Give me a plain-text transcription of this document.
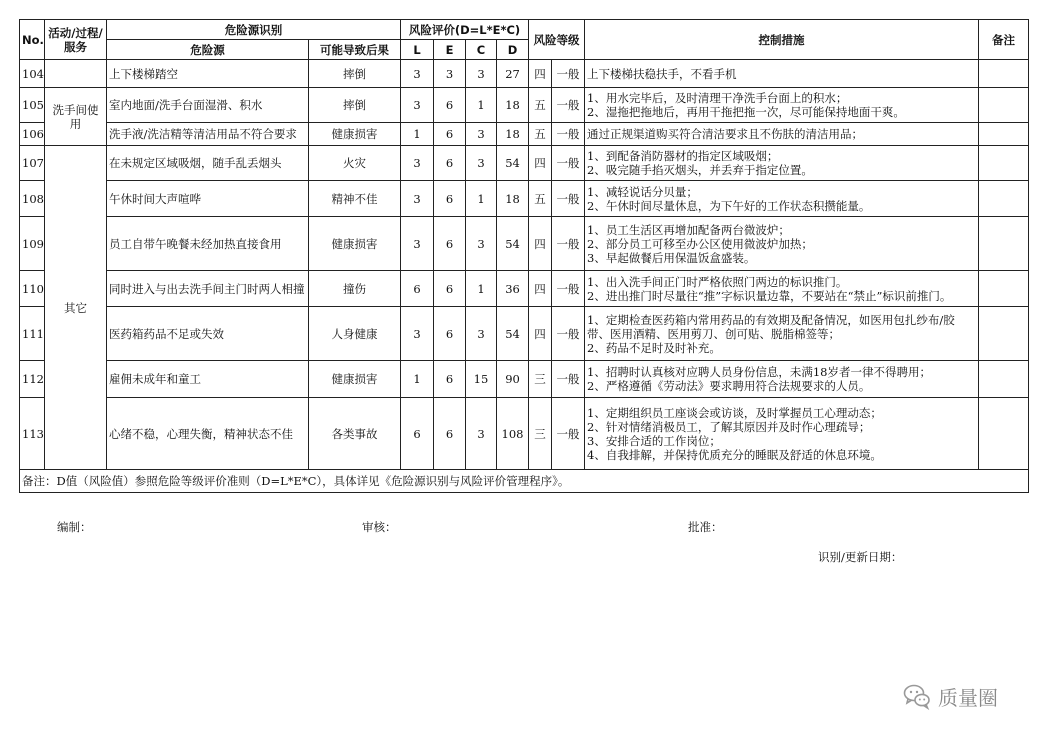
No.	活动/过程/服务	危险源识别		风险评价(D=L*E*C)				风险等级		控制措施	备注
		危险源	可能导致后果	L	E	C	D				
104		上下楼梯踏空	摔倒	3	3	3	27	四	一般	上下楼梯扶稳扶手，不看手机	
105	洗手间使用	室内地面/洗手台面湿滑、积水	摔倒	3	6	1	18	五	一般	1、用水完毕后，及时清理干净洗手台面上的积水；
2、湿拖把拖地后，再用干拖把拖一次，尽可能保持地面干爽。	
106		洗手液/洗洁精等清洁用品不符合要求	健康损害	1	6	3	18	五	一般	通过正规渠道购买符合清洁要求且不伤肤的清洁用品；	
107	其它	在未规定区域吸烟，随手乱丢烟头	火灾	3	6	3	54	四	一般	1、到配备消防器材的指定区域吸烟；
2、吸完随手掐灭烟头，并丢弃于指定位置。	
108		午休时间大声喧哗	精神不佳	3	6	1	18	五	一般	1、减轻说话分贝量；
2、午休时间尽量休息，为下午好的工作状态积攒能量。	
109		员工自带午晚餐未经加热直接食用	健康损害	3	6	3	54	四	一般	1、员工生活区再增加配备两台微波炉；
2、部分员工可移至办公区使用微波炉加热；
3、早起做餐后用保温饭盒盛装。	
110		同时进入与出去洗手间主门时两人相撞	撞伤	6	6	1	36	四	一般	1、出入洗手间正门时严格依照门两边的标识推门。
2、进出推门时尽量往“推”字标识量边靠，不要站在“禁止”标识前推门。	
111		医药箱药品不足或失效	人身健康	3	6	3	54	四	一般	1、定期检查医药箱内常用药品的有效期及配备情况，如医用包扎纱布/胶带、医用酒精、医用剪刀、创可贴、脱脂棉签等；
2、药品不足时及时补充。	
112		雇佣未成年和童工	健康损害	1	6	15	90	三	一般	1、招聘时认真核对应聘人员身份信息，未满18岁者一律不得聘用；
2、严格遵循《劳动法》要求聘用符合法规要求的人员。	
113		心绪不稳，心理失衡，精神状态不佳	各类事故	6	6	3	108	三	一般	1、定期组织员工座谈会或访谈，及时掌握员工心理动态；
2、针对情绪消极员工，了解其原因并及时作心理疏导；
3、安排合适的工作岗位；
4、自我排解，并保持优质充分的睡眠及舒适的休息环境。	
备注：D值（风险值）参照危险等级评价准则（D=L*E*C），具体详见《危险源识别与风险评价管理程序》。											
编制：	审核：	批准：
识别/更新日期：
质量圈
